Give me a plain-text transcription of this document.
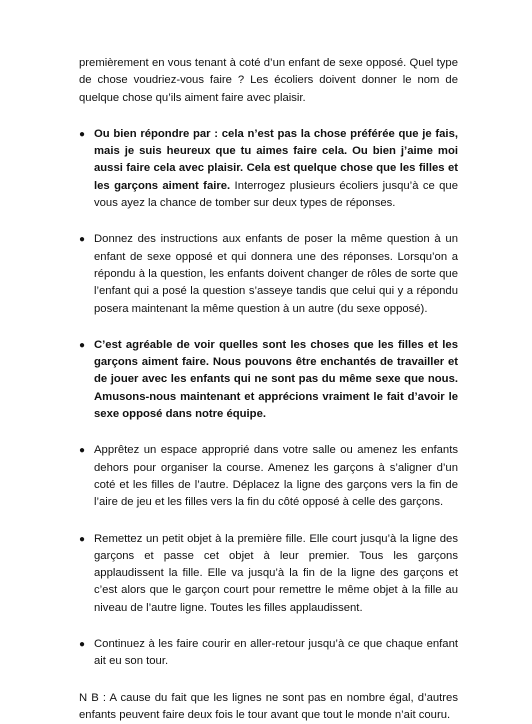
premièrement en vous tenant à coté d’un enfant de sexe opposé. Quel type de chose voudriez-vous faire ? Les écoliers doivent donner le nom de quelque chose qu’ils aiment faire avec plaisir.

● Ou bien répondre par : cela n’est pas la chose préférée que je fais, mais je suis heureux que tu aimes faire cela. Ou bien j’aime moi aussi faire cela avec plaisir. Cela est quelque chose que les filles et les garçons aiment faire. Interrogez plusieurs écoliers jusqu’à ce que vous ayez la chance de tomber sur deux types de réponses.
● Donnez des instructions aux enfants de poser la même question à un enfant de sexe opposé et qui donnera une des réponses. Lorsqu’on a répondu à la question, les enfants doivent changer de rôles de sorte que l’enfant qui a posé la question s’asseye tandis que celui qui y a répondu posera maintenant la même question à un autre (du sexe opposé).
● C’est agréable de voir quelles sont les choses que les filles et les garçons aiment faire. Nous pouvons être enchantés de travailler et de jouer avec les enfants qui ne sont pas du même sexe que nous. Amusons-nous maintenant et apprécions vraiment le fait d’avoir le sexe opposé dans notre équipe.
● Apprêtez un espace approprié dans votre salle ou amenez les enfants dehors pour organiser la course. Amenez les garçons à s’aligner d’un coté et les filles de l’autre. Déplacez la ligne des garçons vers la fin de l’aire de jeu et les filles vers la fin du côté opposé à celle des garçons.
● Remettez un petit objet à la première fille. Elle court jusqu’à la ligne des garçons et passe cet objet à leur premier. Tous les garçons applaudissent la fille. Elle va jusqu’à la fin de la ligne des garçons et c’est alors que le garçon court pour remettre le même objet à la fille au niveau de l’autre ligne. Toutes les filles applaudissent.
● Continuez à les faire courir en aller-retour jusqu’à ce que chaque enfant ait eu son tour.

N B : A cause du fait que les lignes ne sont pas en nombre égal, d’autres enfants peuvent faire deux fois le tour avant que tout le monde n’ait couru.
